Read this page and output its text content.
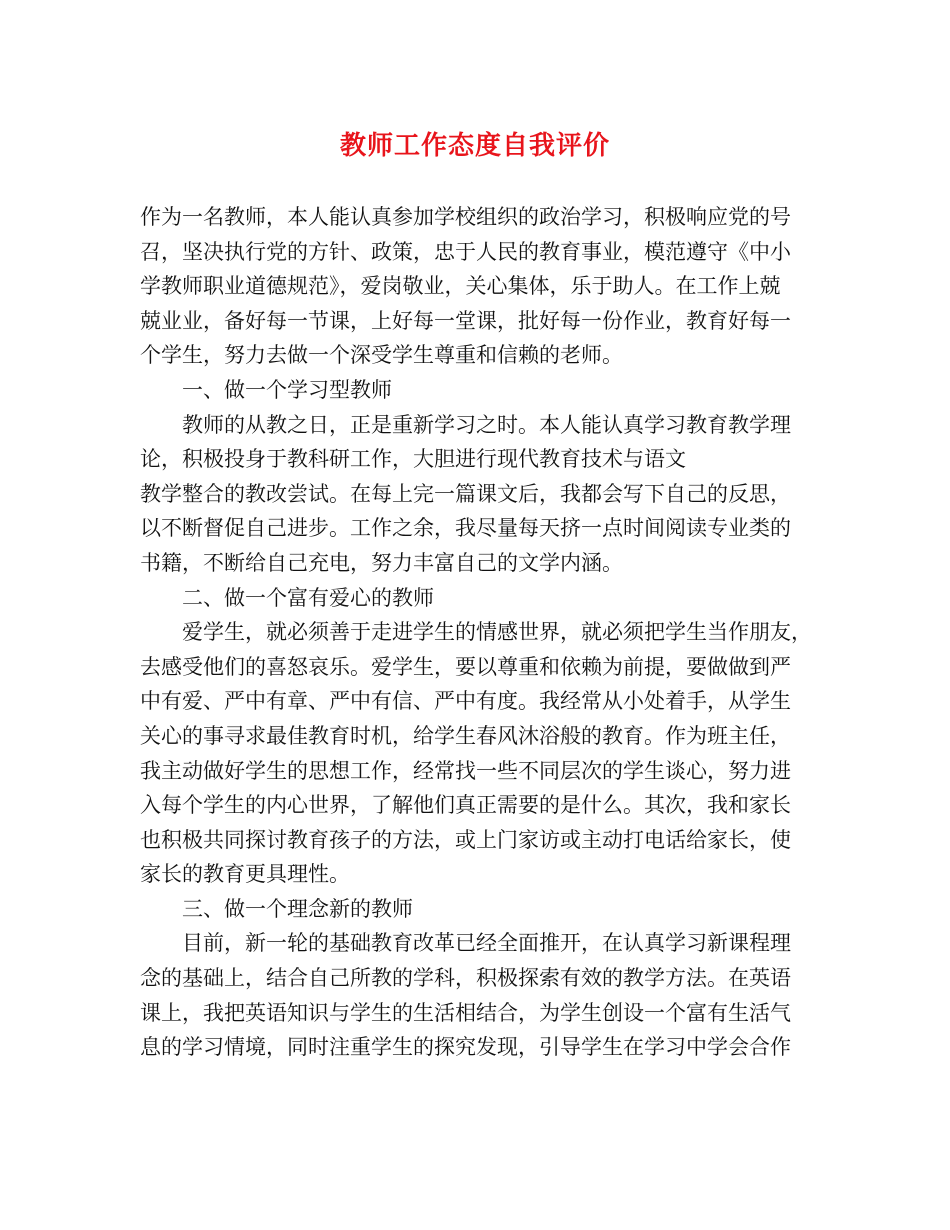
教师工作态度自我评价
作为一名教师，本人能认真参加学校组织的政治学习，积极响应党的号
召，坚决执行党的方针、政策，忠于人民的教育事业，模范遵守《中小
学教师职业道德规范》，爱岗敬业，关心集体，乐于助人。在工作上兢
兢业业，备好每一节课，上好每一堂课，批好每一份作业，教育好每一
个学生，努力去做一个深受学生尊重和信赖的老师。
一、做一个学习型教师
教师的从教之日，正是重新学习之时。本人能认真学习教育教学理
论，积极投身于教科研工作，大胆进行现代教育技术与语文
教学整合的教改尝试。在每上完一篇课文后，我都会写下自己的反思，
以不断督促自己进步。工作之余，我尽量每天挤一点时间阅读专业类的
书籍，不断给自己充电，努力丰富自己的文学内涵。
二、做一个富有爱心的教师
爱学生，就必须善于走进学生的情感世界，就必须把学生当作朋友，
去感受他们的喜怒哀乐。爱学生，要以尊重和依赖为前提，要做做到严
中有爱、严中有章、严中有信、严中有度。我经常从小处着手，从学生
关心的事寻求最佳教育时机，给学生春风沐浴般的教育。作为班主任，
我主动做好学生的思想工作，经常找一些不同层次的学生谈心，努力进
入每个学生的内心世界，了解他们真正需要的是什么。其次，我和家长
也积极共同探讨教育孩子的方法，或上门家访或主动打电话给家长，使
家长的教育更具理性。
三、做一个理念新的教师
目前，新一轮的基础教育改革已经全面推开，在认真学习新课程理
念的基础上，结合自己所教的学科，积极探索有效的教学方法。在英语
课上，我把英语知识与学生的生活相结合，为学生创设一个富有生活气
息的学习情境，同时注重学生的探究发现，引导学生在学习中学会合作
